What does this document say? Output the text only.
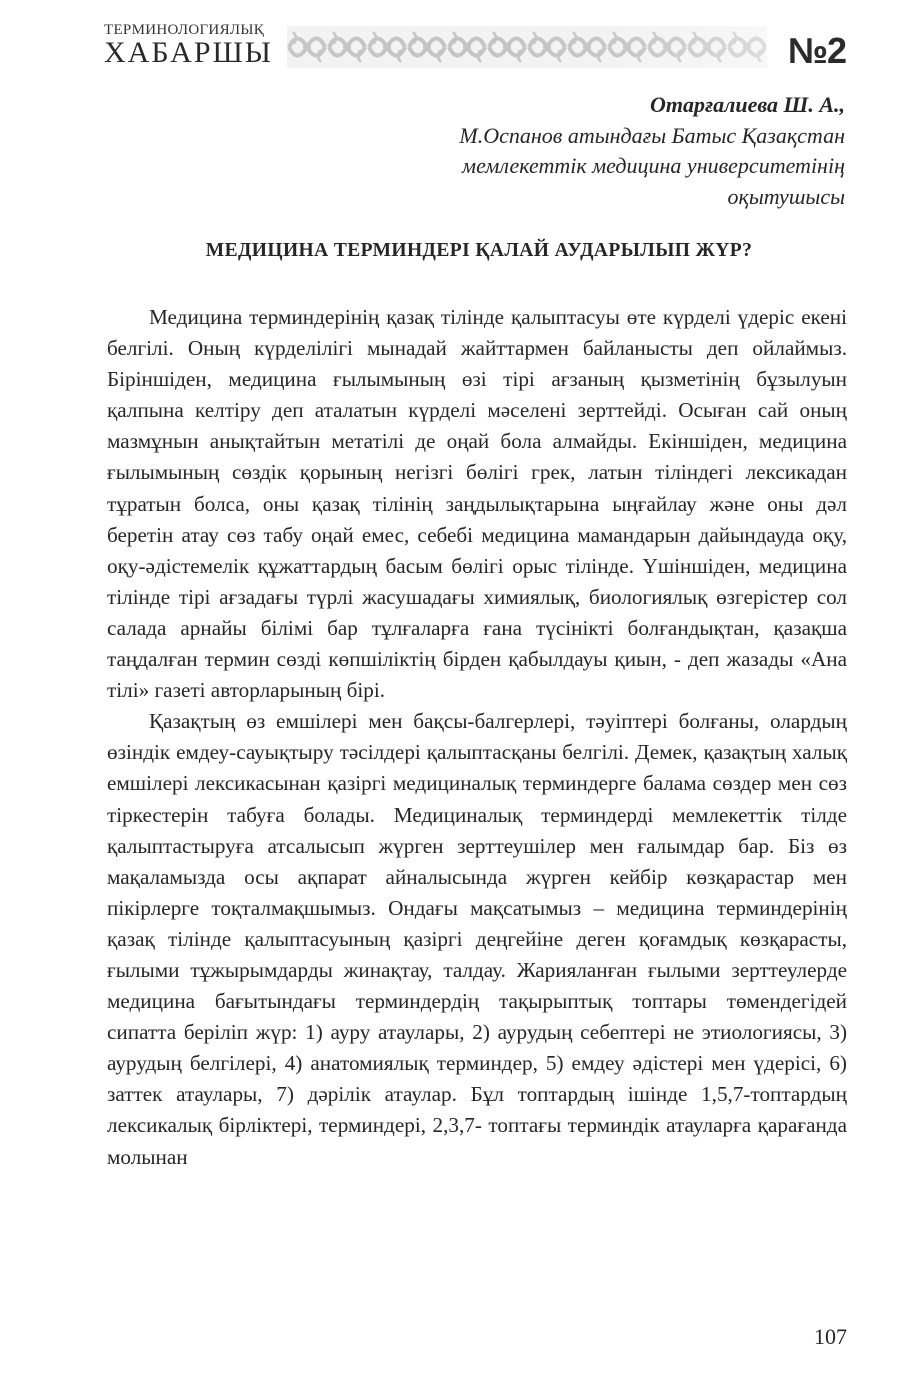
ТЕРМИНОЛОГИЯЛЫҚ
ХАБАРШЫ	№2
Отарғалиева Ш. А.,
М.Оспанов атындағы Батыс Қазақстан
мемлекеттік медицина университетінің
оқытушысы
МЕДИЦИНА ТЕРМИНДЕРІ ҚАЛАЙ АУДАРЫЛЫП ЖҮР?

Медицина терминдерінің қазақ тілінде қалыптасуы өте күрделі үдеріс екені белгілі. Оның күрделілігі мынадай жайттармен байланысты деп ойлаймыз. Біріншіден, медицина ғылымының өзі тірі ағзаның қызметінің бұзылуын қалпына келтіру деп аталатын күрделі мәселені зерттейді. Осыған сай оның мазмұнын анықтайтын метатілі де оңай бола алмайды. Екіншіден, медицина ғылымының сөздік қорының негізгі бөлігі грек, латын тіліндегі лексикадан тұратын болса, оны қазақ тілінің заңдылықтарына ыңғайлау және оны дәл беретін атау сөз табу оңай емес, себебі медицина мамандарын дайындауда оқу, оқу-әдістемелік құжаттардың басым бөлігі орыс тілінде. Үшіншіден, медицина тілінде тірі ағзадағы түрлі жасушадағы химиялық, биологиялық өзгерістер сол салада арнайы білімі бар тұлғаларға ғана түсінікті болғандықтан, қазақша таңдалған термин сөзді көпшіліктің бірден қабылдауы қиын, - деп жазады «Ана тілі» газеті авторларының бірі.

Қазақтың өз емшілері мен бақсы-балгерлері, тәуіптері болғаны, олардың өзіндік емдеу-сауықтыру тәсілдері қалыптасқаны белгілі. Демек, қазақтың халық емшілері лексикасынан қазіргі медициналық терминдерге балама сөздер мен сөз тіркестерін табуға болады. Медициналық терминдерді мемлекеттік тілде қалыптастыруға атсалысып жүрген зерттеушілер мен ғалымдар бар. Біз өз мақаламызда осы ақпарат айналысында жүрген кейбір көзқарастар мен пікірлерге тоқталмақшымыз. Ондағы мақсатымыз – медицина терминдерінің қазақ тілінде қалыптасуының қазіргі деңгейіне деген қоғамдық көзқарасты, ғылыми тұжырымдарды жинақтау, талдау. Жарияланған ғылыми зерттеулерде медицина бағытындағы терминдердің тақырыптық топтары төмендегідей сипатта беріліп жүр: 1) ауру атаулары, 2) аурудың себептері не этиологиясы, 3) аурудың белгілері, 4) анатомиялық терминдер, 5) емдеу әдістері мен үдерісі, 6) заттек атаулары, 7) дәрілік атаулар. Бұл топтардың ішінде 1,5,7-топтардың лексикалық бірліктері, терминдері, 2,3,7- топтағы терминдік атауларға қарағанда молынан

107
